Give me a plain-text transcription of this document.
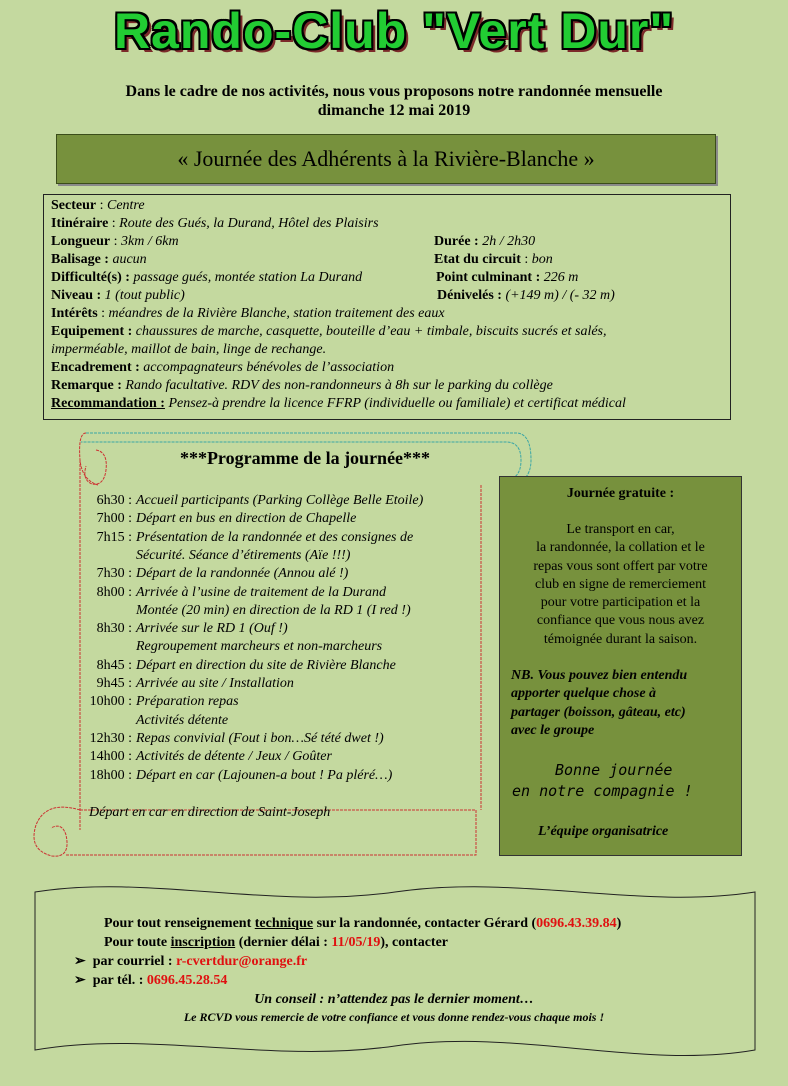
Rando-Club "Vert Dur"
Dans le cadre de nos activités, nous vous proposons notre randonnée mensuelle
dimanche 12 mai 2019
« Journée des Adhérents à la Rivière-Blanche »
Secteur : Centre
Itinéraire : Route des Gués, la Durand, Hôtel des Plaisirs
Longueur : 3km / 6km	Durée : 2h / 2h30
Balisage : aucun	Etat du circuit : bon
Difficulté(s) : passage gués, montée station La Durand	Point culminant : 226 m
Niveau : 1 (tout public)	Dénivelés : (+149 m) / (- 32 m)
Intérêts : méandres de la Rivière Blanche, station traitement des eaux
Equipement : chaussures de marche, casquette, bouteille d’eau + timbale, biscuits sucrés et salés,
imperméable, maillot de bain, linge de rechange.
Encadrement : accompagnateurs bénévoles de l’association
Remarque : Rando facultative. RDV des non-randonneurs à 8h sur le parking du collège
Recommandation : Pensez-à prendre la licence FFRP (individuelle ou familiale) et certificat médical
***Programme de la journée***
6h30 : Accueil participants (Parking Collège Belle Etoile)
7h00 : Départ en bus en direction de Chapelle
7h15 : Présentation de la randonnée et des consignes de
Sécurité. Séance d’étirements (Aïe !!!)
7h30 : Départ de la randonnée (Annou alé !)
8h00 : Arrivée à l’usine de traitement de la Durand
Montée (20 min) en direction de la RD 1 (I red !)
8h30 : Arrivée sur le RD 1 (Ouf !)
Regroupement marcheurs et non-marcheurs
8h45 : Départ en direction du site de Rivière Blanche
9h45 : Arrivée au site / Installation
10h00 : Préparation repas
Activités détente
12h30 : Repas convivial (Fout i bon…Sé tété dwet !)
14h00 : Activités de détente / Jeux / Goûter
18h00 : Départ en car (Lajounen-a bout ! Pa pléré…)
Départ en car en direction de Saint-Joseph
Journée gratuite :
Le transport en car,
la randonnée, la collation et le
repas vous sont offert par votre
club en signe de remerciement
pour votre participation et la
confiance que vous nous avez
témoignée durant la saison.
NB. Vous pouvez bien entendu
apporter quelque chose à
partager (boisson, gâteau, etc)
avec le groupe
Bonne journée
en notre compagnie !
L’équipe organisatrice
Pour tout renseignement technique sur la randonnée, contacter Gérard (0696.43.39.84)
Pour toute inscription (dernier délai : 11/05/19), contacter
➢ par courriel : r-cvertdur@orange.fr
➢ par tél. : 0696.45.28.54
Un conseil : n’attendez pas le dernier moment…
Le RCVD vous remercie de votre confiance et vous donne rendez-vous chaque mois !
